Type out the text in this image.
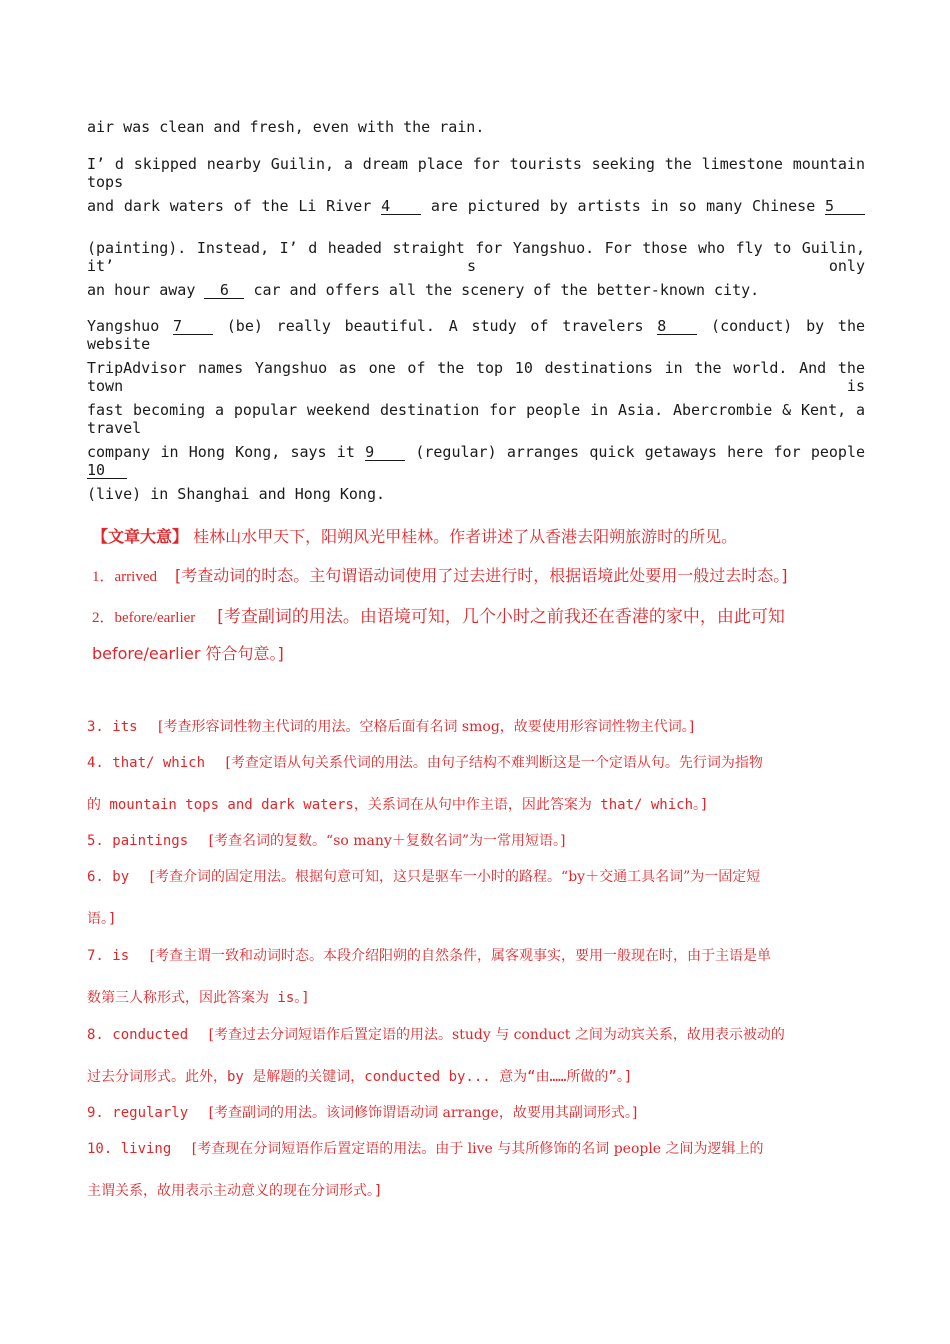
air was clean and fresh, even with the rain.
I’ d skipped nearby Guilin, a dream place for tourists seeking the limestone mountain tops
and dark waters of the Li River 4	are pictured by artists in so many Chinese 5
(painting). Instead, I’ d headed straight for Yangshuo. For those who fly to Guilin, it’ s only
an hour away 6 car and offers all the scenery of the better-known city.
Yangshuo 7	(be) really beautiful. A study of travelers 8	(conduct) by the website
TripAdvisor names Yangshuo as one of the top 10 destinations in the world. And the town is
fast becoming a popular weekend destination for people in Asia. Abercrombie & Kent, a travel
company in Hong Kong, says it 9	(regular) arranges quick getaways here for people 10
(live) in Shanghai and Hong Kong.
【文章大意】 桂林山水甲天下，阳朔风光甲桂林。作者讲述了从香港去阳朔旅游时的所见。
1．arrived [考查动词的时态。主句谓语动词使用了过去进行时，根据语境此处要用一般过去时态。]
2．before/earlier [考查副词的用法。由语境可知，几个小时之前我还在香港的家中，由此可知
before/earlier 符合句意。]
3. its [考查形容词性物主代词的用法。空格后面有名词 smog，故要使用形容词性物主代词。]
4. that/ which [考查定语从句关系代词的用法。由句子结构不难判断这是一个定语从句。先行词为指物
的 mountain tops and dark waters，关系词在从句中作主语，因此答案为 that/ which。]
5. paintings [考查名词的复数。“so many＋复数名词”为一常用短语。]
6. by [考查介词的固定用法。根据句意可知，这只是驱车一小时的路程。“by＋交通工具名词”为一固定短
语。]
7. is [考查主谓一致和动词时态。本段介绍阳朔的自然条件，属客观事实，要用一般现在时，由于主语是单
数第三人称形式，因此答案为 is。]
8. conducted [考查过去分词短语作后置定语的用法。study 与 conduct 之间为动宾关系，故用表示被动的
过去分词形式。此外，by 是解题的关键词，conducted by... 意为“由……所做的”。]
9. regularly [考查副词的用法。该词修饰谓语动词 arrange，故要用其副词形式。]
10. living [考查现在分词短语作后置定语的用法。由于 live 与其所修饰的名词 people 之间为逻辑上的
主谓关系，故用表示主动意义的现在分词形式。]
